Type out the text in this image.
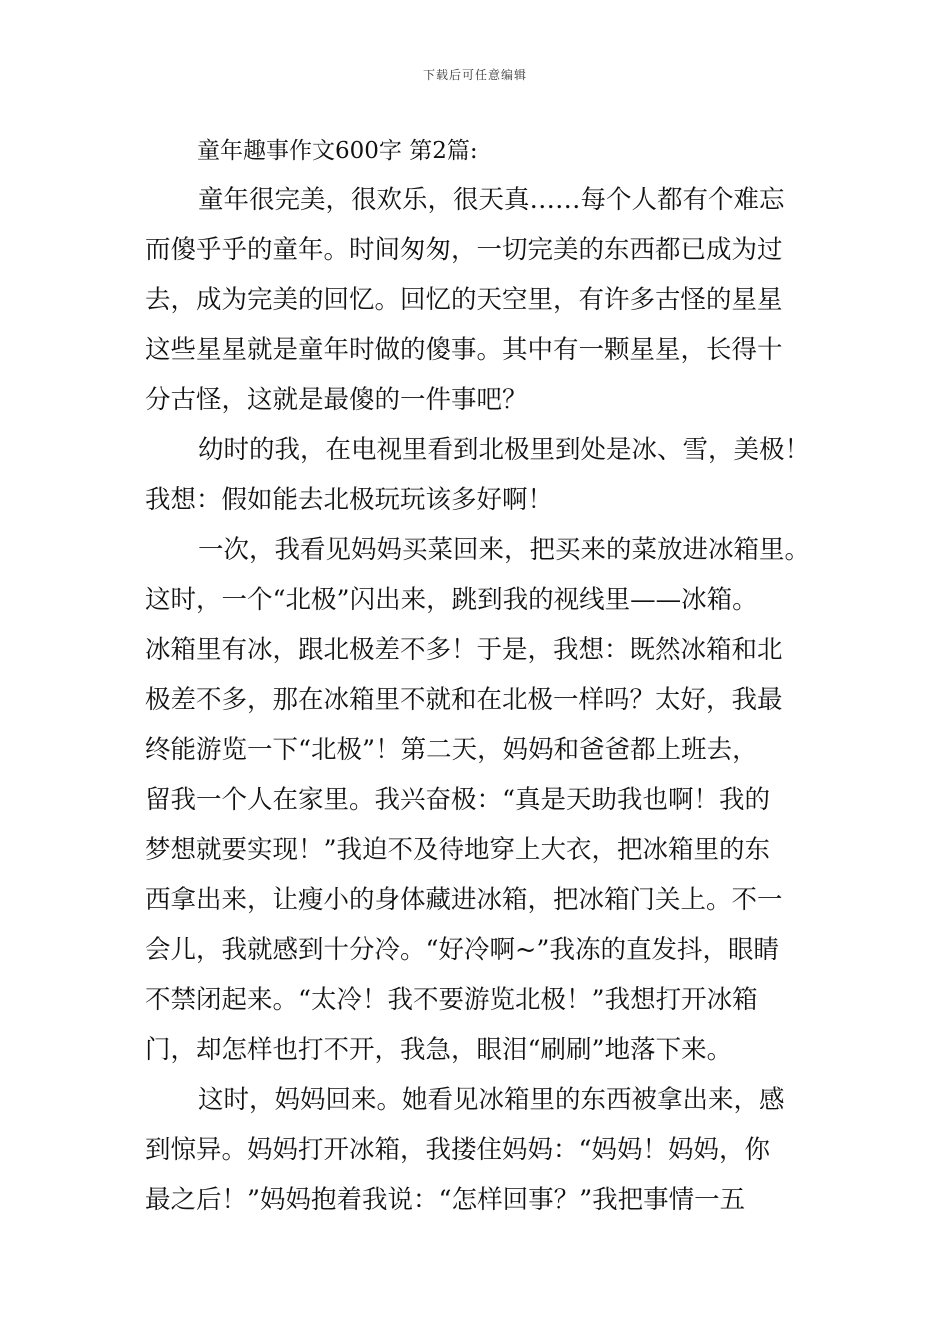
下载后可任意编辑
童年趣事作文600字 第2篇:
童年很完美，很欢乐，很天真……每个人都有个难忘
而傻乎乎的童年。时间匆匆，一切完美的东西都已成为过
去，成为完美的回忆。回忆的天空里，有许多古怪的星星
这些星星就是童年时做的傻事。其中有一颗星星，长得十
分古怪，这就是最傻的一件事吧？
幼时的我，在电视里看到北极里到处是冰、雪，美极！
我想：假如能去北极玩玩该多好啊！
一次，我看见妈妈买菜回来，把买来的菜放进冰箱里。
这时，一个“北极”闪出来，跳到我的视线里——冰箱。
冰箱里有冰，跟北极差不多！于是，我想：既然冰箱和北
极差不多，那在冰箱里不就和在北极一样吗？太好，我最
终能游览一下“北极”！第二天，妈妈和爸爸都上班去，
留我一个人在家里。我兴奋极：“真是天助我也啊！我的
梦想就要实现！”我迫不及待地穿上大衣，把冰箱里的东
西拿出来，让瘦小的身体藏进冰箱，把冰箱门关上。不一
会儿，我就感到十分冷。“好冷啊~”我冻的直发抖，眼睛
不禁闭起来。“太冷！我不要游览北极！”我想打开冰箱
门，却怎样也打不开，我急，眼泪“刷刷”地落下来。
这时，妈妈回来。她看见冰箱里的东西被拿出来，感
到惊异。妈妈打开冰箱，我搂住妈妈：“妈妈！妈妈，你
最之后！”妈妈抱着我说：“怎样回事？”我把事情一五
